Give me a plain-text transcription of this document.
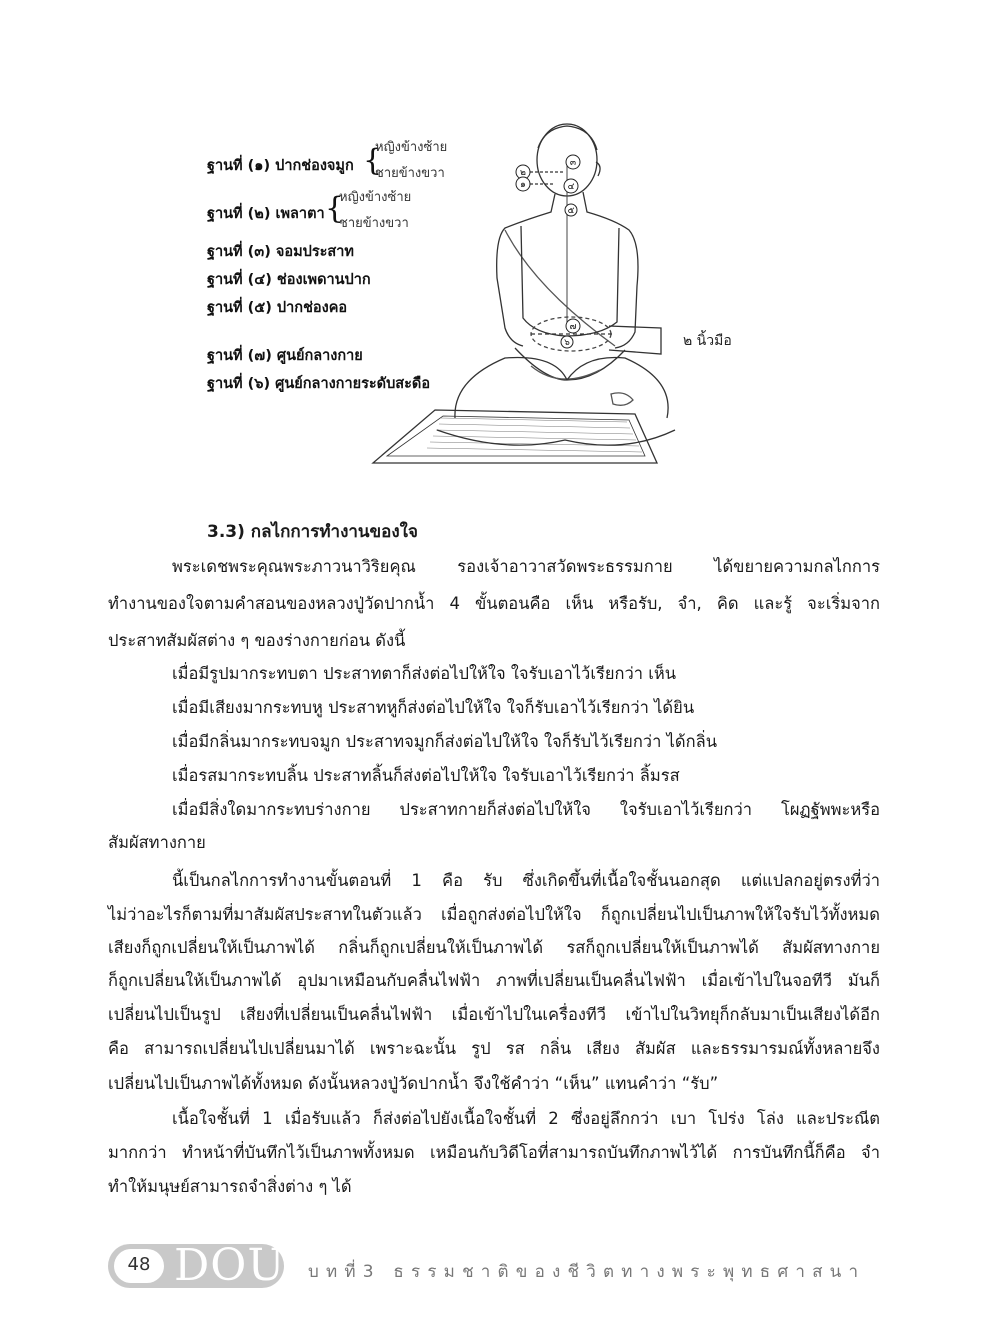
๓
๒
๑	๔
๕
๗
๖
ฐานที่ (๑) ปากช่องจมูก {
หญิงข้างซ้าย
ชายข้างขวา
ฐานที่ (๒) เพลาตา {
หญิงข้างซ้าย
ชายข้างขวา
ฐานที่ (๓) จอมประสาท
ฐานที่ (๔) ช่องเพดานปาก
ฐานที่ (๕) ปากช่องคอ
ฐานที่ (๗) ศูนย์กลางกาย
ฐานที่ (๖) ศูนย์กลางกายระดับสะดือ
๒ นิ้วมือ
3.3) กลไกการทำงานของใจ
พระเดชพระคุณพระภาวนาวิริยคุณ รองเจ้าอาวาสวัดพระธรรมกาย ได้ขยายความกลไกการ
ทำงานของใจตามคำสอนของหลวงปู่วัดปากน้ำ 4 ขั้นตอนคือ เห็น หรือรับ, จำ, คิด และรู้ จะเริ่มจาก
ประสาทสัมผัสต่าง ๆ ของร่างกายก่อน ดังนี้
เมื่อมีรูปมากระทบตา ประสาทตาก็ส่งต่อไปให้ใจ ใจรับเอาไว้เรียกว่า เห็น
เมื่อมีเสียงมากระทบหู ประสาทหูก็ส่งต่อไปให้ใจ ใจก็รับเอาไว้เรียกว่า ได้ยิน
เมื่อมีกลิ่นมากระทบจมูก ประสาทจมูกก็ส่งต่อไปให้ใจ ใจก็รับไว้เรียกว่า ได้กลิ่น
เมื่อรสมากระทบลิ้น ประสาทลิ้นก็ส่งต่อไปให้ใจ ใจรับเอาไว้เรียกว่า ลิ้มรส
เมื่อมีสิ่งใดมากระทบร่างกาย ประสาทกายก็ส่งต่อไปให้ใจ ใจรับเอาไว้เรียกว่า โผฏฐัพพะหรือ
สัมผัสทางกาย
นี้เป็นกลไกการทำงานขั้นตอนที่ 1 คือ รับ ซึ่งเกิดขึ้นที่เนื้อใจชั้นนอกสุด แต่แปลกอยู่ตรงที่ว่า
ไม่ว่าอะไรก็ตามที่มาสัมผัสประสาทในตัวแล้ว เมื่อถูกส่งต่อไปให้ใจ ก็ถูกเปลี่ยนไปเป็นภาพให้ใจรับไว้ทั้งหมด
เสียงก็ถูกเปลี่ยนให้เป็นภาพได้ กลิ่นก็ถูกเปลี่ยนให้เป็นภาพได้ รสก็ถูกเปลี่ยนให้เป็นภาพได้ สัมผัสทางกาย
ก็ถูกเปลี่ยนให้เป็นภาพได้ อุปมาเหมือนกับคลื่นไฟฟ้า ภาพที่เปลี่ยนเป็นคลื่นไฟฟ้า เมื่อเข้าไปในจอทีวี มันก็
เปลี่ยนไปเป็นรูป เสียงที่เปลี่ยนเป็นคลื่นไฟฟ้า เมื่อเข้าไปในเครื่องทีวี เข้าไปในวิทยุก็กลับมาเป็นเสียงได้อีก
คือ สามารถเปลี่ยนไปเปลี่ยนมาได้ เพราะฉะนั้น รูป รส กลิ่น เสียง สัมผัส และธรรมารมณ์ทั้งหลายจึง
เปลี่ยนไปเป็นภาพได้ทั้งหมด ดังนั้นหลวงปู่วัดปากน้ำ จึงใช้คำว่า “เห็น” แทนคำว่า “รับ”
เนื้อใจชั้นที่ 1 เมื่อรับแล้ว ก็ส่งต่อไปยังเนื้อใจชั้นที่ 2 ซึ่งอยู่ลึกกว่า เบา โปร่ง โล่ง และประณีต
มากกว่า ทำหน้าที่บันทึกไว้เป็นภาพทั้งหมด เหมือนกับวิดีโอที่สามารถบันทึกภาพไว้ได้ การบันทึกนี้ก็คือ จำ
ทำให้มนุษย์สามารถจำสิ่งต่าง ๆ ได้
48 DOU บทที่3 ธรรมชาติของชีวิตทางพระพุทธศาสนา
